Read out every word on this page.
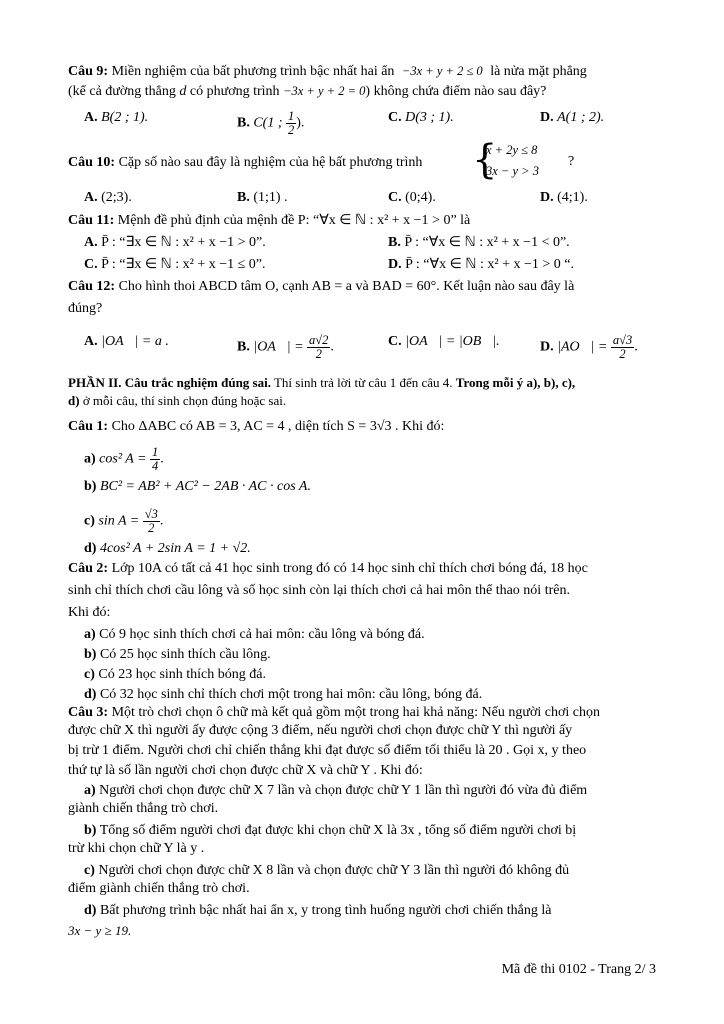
Câu 9: Miền nghiệm của bất phương trình bậc nhất hai ẩn −3x + y + 2 ≤ 0 là nửa mặt phẳng
(kể cả đường thẳng d có phương trình −3x + y + 2 = 0) không chứa điểm nào sau đây?
A. B(2 ; 1).	B. C(1 ; $\frac{1}{2}$ ).	C. D(3 ; 1).	D. A(1 ; 2).
Câu 10: Cặp số nào sau đây là nghiệm của hệ bất phương trình	{
x + 2y ≤ 8
3x − y > 3
?
A. (2;3).	B. (1;1) .	C. (0;4).	D. (4;1).
Câu 11: Mệnh đề phủ định của mệnh đề P: “∀x ∈ ℕ : x² + x −1 > 0” là
A. P̄ : “∃x ∈ ℕ : x² + x −1 > 0”.	B. P̄ : “∀x ∈ ℕ : x² + x −1 < 0”.
C. P̄ : “∃x ∈ ℕ : x² + x −1 ≤ 0”.	D. P̄ : “∀x ∈ ℕ : x² + x −1 > 0 “.
Câu 12: Cho hình thoi ABCD tâm O, cạnh AB = a và BAD = 60°. Kết luận nào sau đây là
đúng?
A. |OA⃗| = a .	B. |OA⃗| = $\frac{a√2}{2}$ .	C. |OA⃗| = |OB⃗|.	D. |AO⃗| = $\frac{a√3}{2}$ .
PHẦN II. Câu trắc nghiệm đúng sai. Thí sinh trả lời từ câu 1 đến câu 4. Trong mỗi ý a), b), c),
d) ở mỗi câu, thí sinh chọn đúng hoặc sai.
Câu 1: Cho ΔABC có AB = 3, AC = 4 , diện tích S = 3√3 . Khi đó:
a) cos² $A = \frac{1}{4}$ .
b) BC² = AB² + AC² − 2AB · AC · cos A.
c) $\sin A = \frac{√3}{2}$ .
d) 4cos² A + 2sin A = 1 + √2.
Câu 2: Lớp 10A có tất cả 41 học sinh trong đó có 14 học sinh chỉ thích chơi bóng đá, 18 học
sinh chỉ thích chơi cầu lông và số học sinh còn lại thích chơi cả hai môn thể thao nói trên.
Khi đó:
a) Có 9 học sinh thích chơi cả hai môn: cầu lông và bóng đá.
b) Có 25 học sinh thích cầu lông.
c) Có 23 học sinh thích bóng đá.
d) Có 32 học sinh chỉ thích chơi một trong hai môn: cầu lông, bóng đá.
Câu 3: Một trò chơi chọn ô chữ mà kết quả gồm một trong hai khả năng: Nếu người chơi chọn
được chữ X thì người ấy được cộng 3 điểm, nếu người chơi chọn được chữ Y thì người ấy
bị trừ 1 điểm. Người chơi chỉ chiến thắng khi đạt được số điểm tối thiểu là 20 . Gọi x, y theo
thứ tự là số lần người chơi chọn được chữ X và chữ Y . Khi đó:
a) Người chơi chọn được chữ X 7 lần và chọn được chữ Y 1 lần thì người đó vừa đủ điểm
giành chiến thắng trò chơi.
b) Tổng số điểm người chơi đạt được khi chọn chữ X là 3x , tổng số điểm người chơi bị
trừ khi chọn chữ Y là y .
c) Người chơi chọn được chữ X 8 lần và chọn được chữ Y 3 lần thì người đó không đủ
điểm giành chiến thắng trò chơi.
d) Bất phương trình bậc nhất hai ẩn x, y trong tình huống người chơi chiến thắng là
3x − y ≥ 19.
Mã đề thi 0102 - Trang 2/ 3
